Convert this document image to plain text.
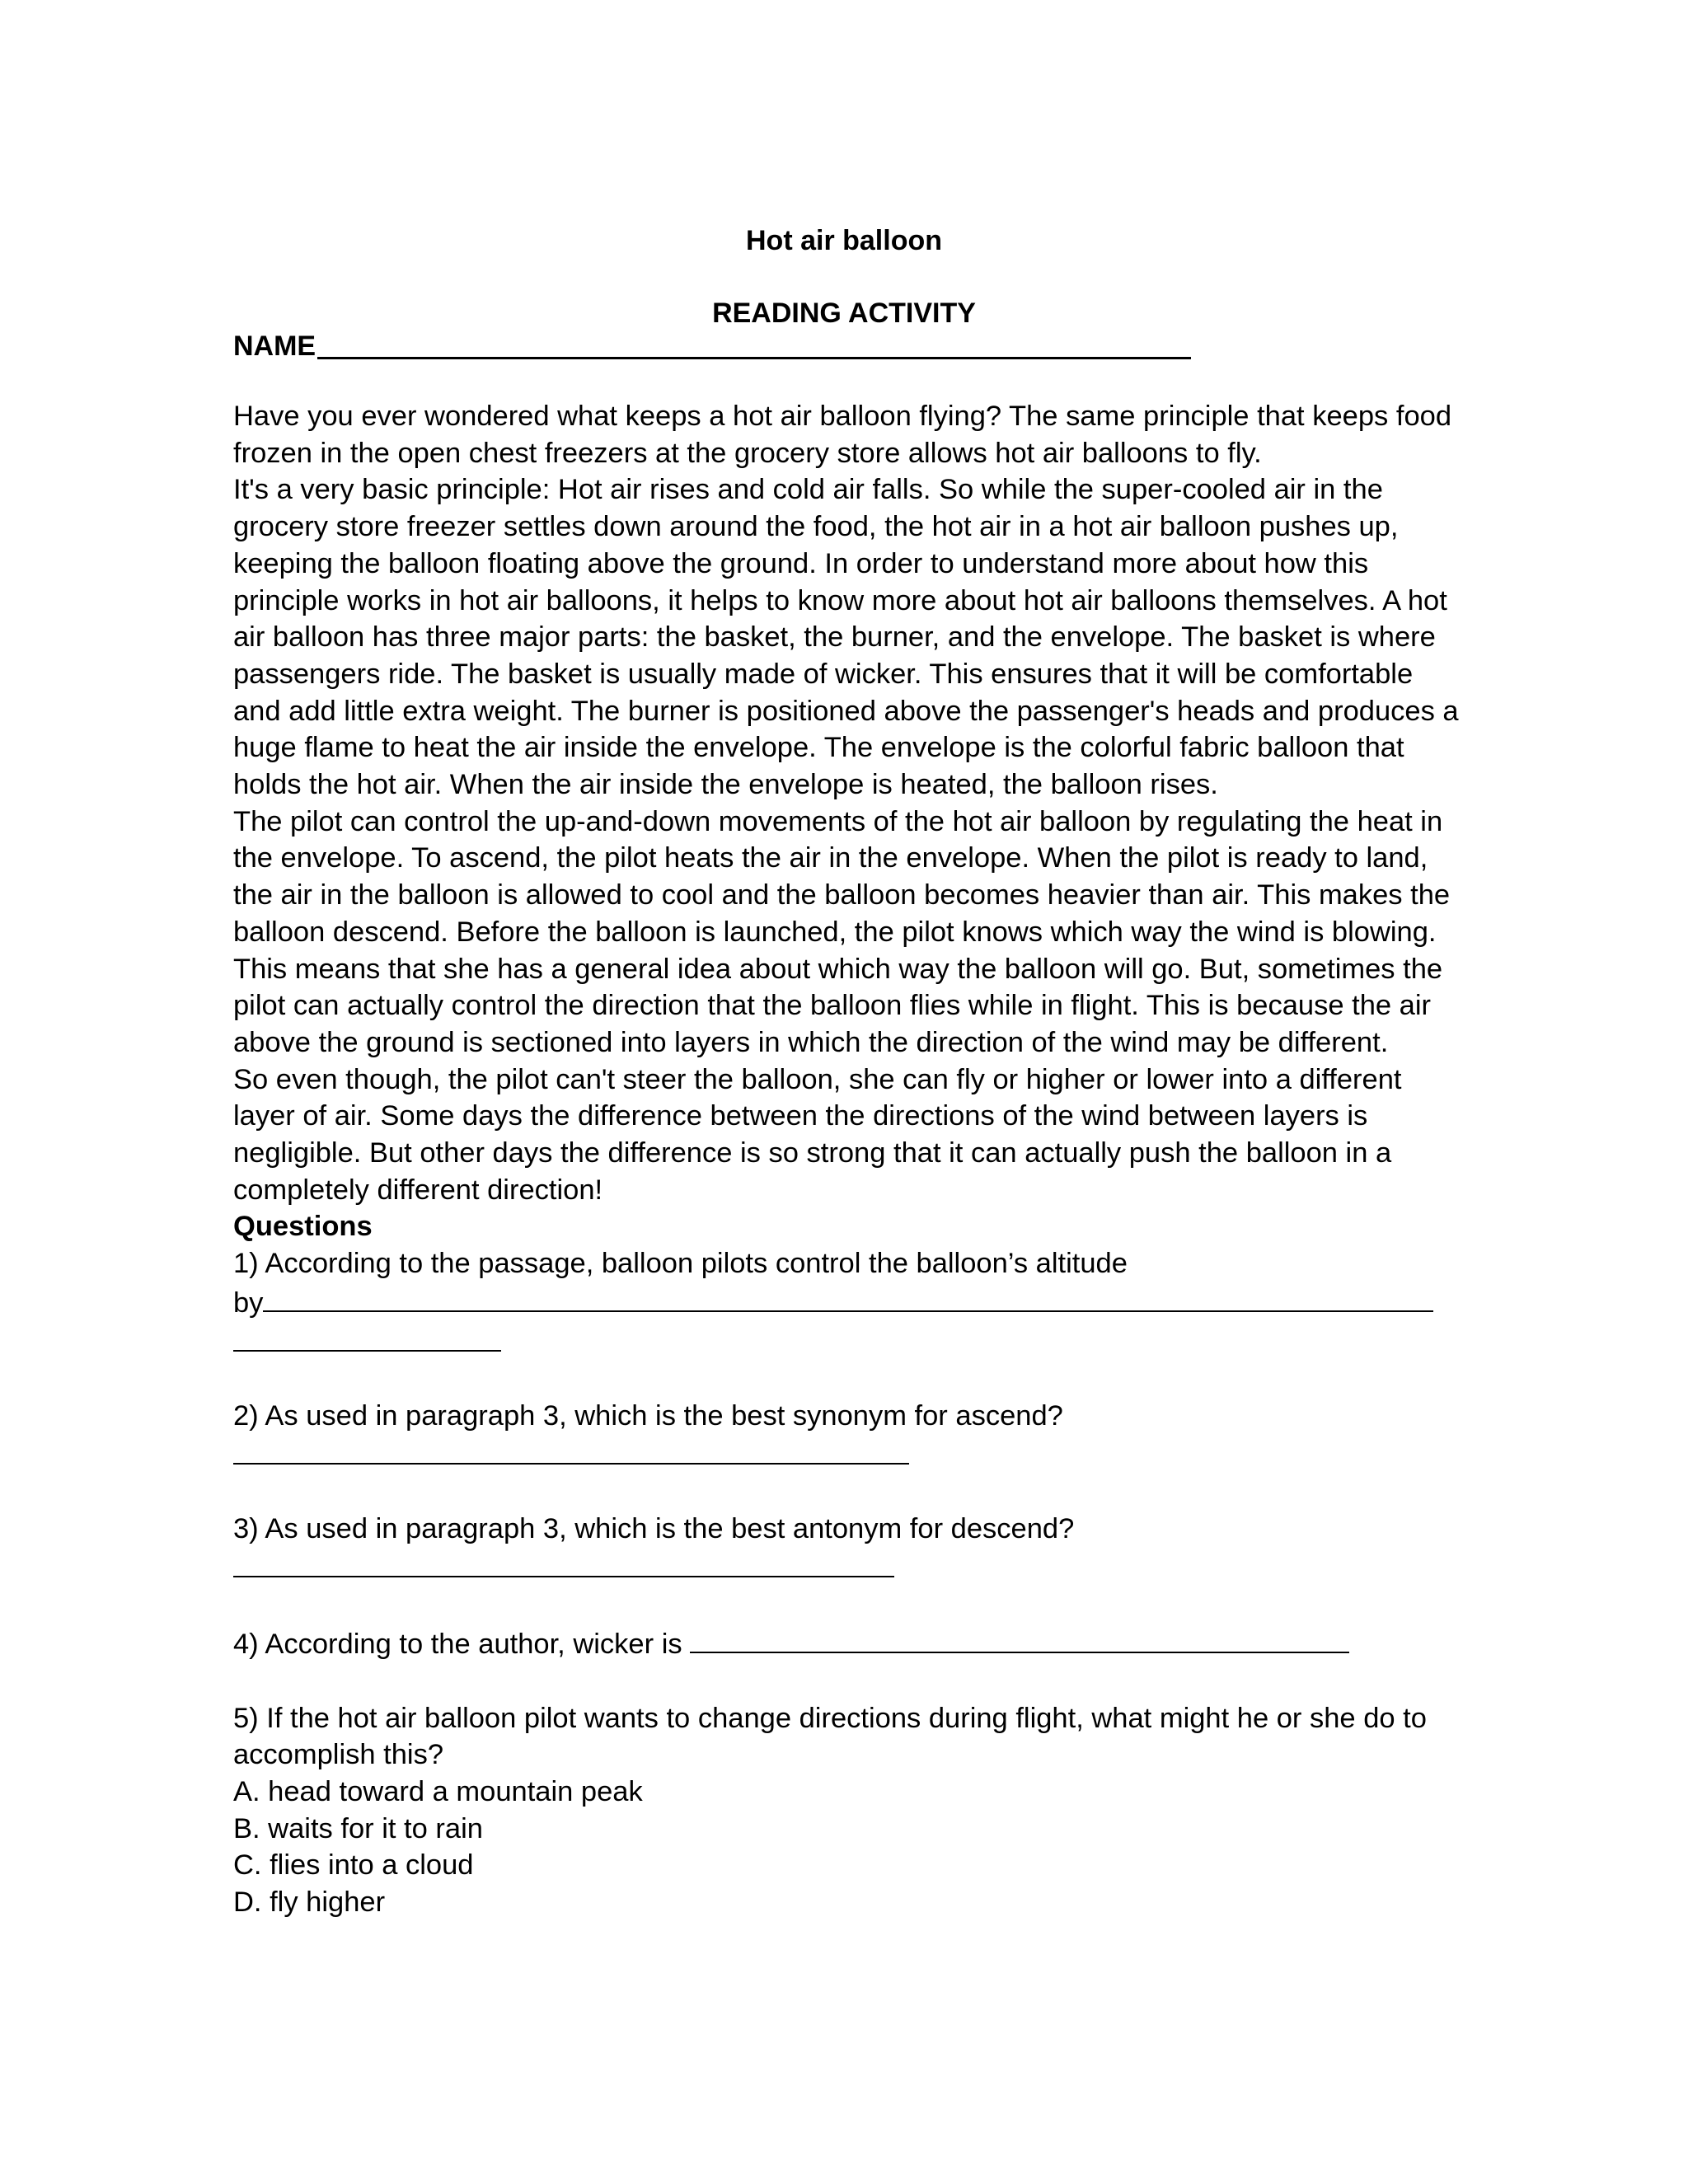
Hot air balloon
READING ACTIVITY
NAME

Have you ever wondered what keeps a hot air balloon flying? The same principle that keeps food frozen in the open chest freezers at the grocery store allows hot air balloons to fly.

It's a very basic principle: Hot air rises and cold air falls. So while the super-cooled air in the grocery store freezer settles down around the food, the hot air in a hot air balloon pushes up, keeping the balloon floating above the ground. In order to understand more about how this principle works in hot air balloons, it helps to know more about hot air balloons themselves. A hot air balloon has three major parts: the basket, the burner, and the envelope. The basket is where passengers ride. The basket is usually made of wicker. This ensures that it will be comfortable and add little extra weight. The burner is positioned above the passenger's heads and produces a huge flame to heat the air inside the envelope. The envelope is the colorful fabric balloon that holds the hot air. When the air inside the envelope is heated, the balloon rises.

The pilot can control the up-and-down movements of the hot air balloon by regulating the heat in the envelope. To ascend, the pilot heats the air in the envelope. When the pilot is ready to land, the air in the balloon is allowed to cool and the balloon becomes heavier than air. This makes the balloon descend. Before the balloon is launched, the pilot knows which way the wind is blowing. This means that she has a general idea about which way the balloon will go. But, sometimes the pilot can actually control the direction that the balloon flies while in flight. This is because the air above the ground is sectioned into layers in which the direction of the wind may be different.

So even though, the pilot can't steer the balloon, she can fly or higher or lower into a different layer of air. Some days the difference between the directions of the wind between layers is negligible. But other days the difference is so strong that it can actually push the balloon in a completely different direction!

Questions

1) According to the passage, balloon pilots control the balloon’s altitude

by

2) As used in paragraph 3, which is the best synonym for ascend?

3) As used in paragraph 3, which is the best antonym for descend?

4) According to the author, wicker is

5) If the hot air balloon pilot wants to change directions during flight, what might he or she do to accomplish this?

A. head toward a mountain peak

B. waits for it to rain

C. flies into a cloud

D. fly higher
